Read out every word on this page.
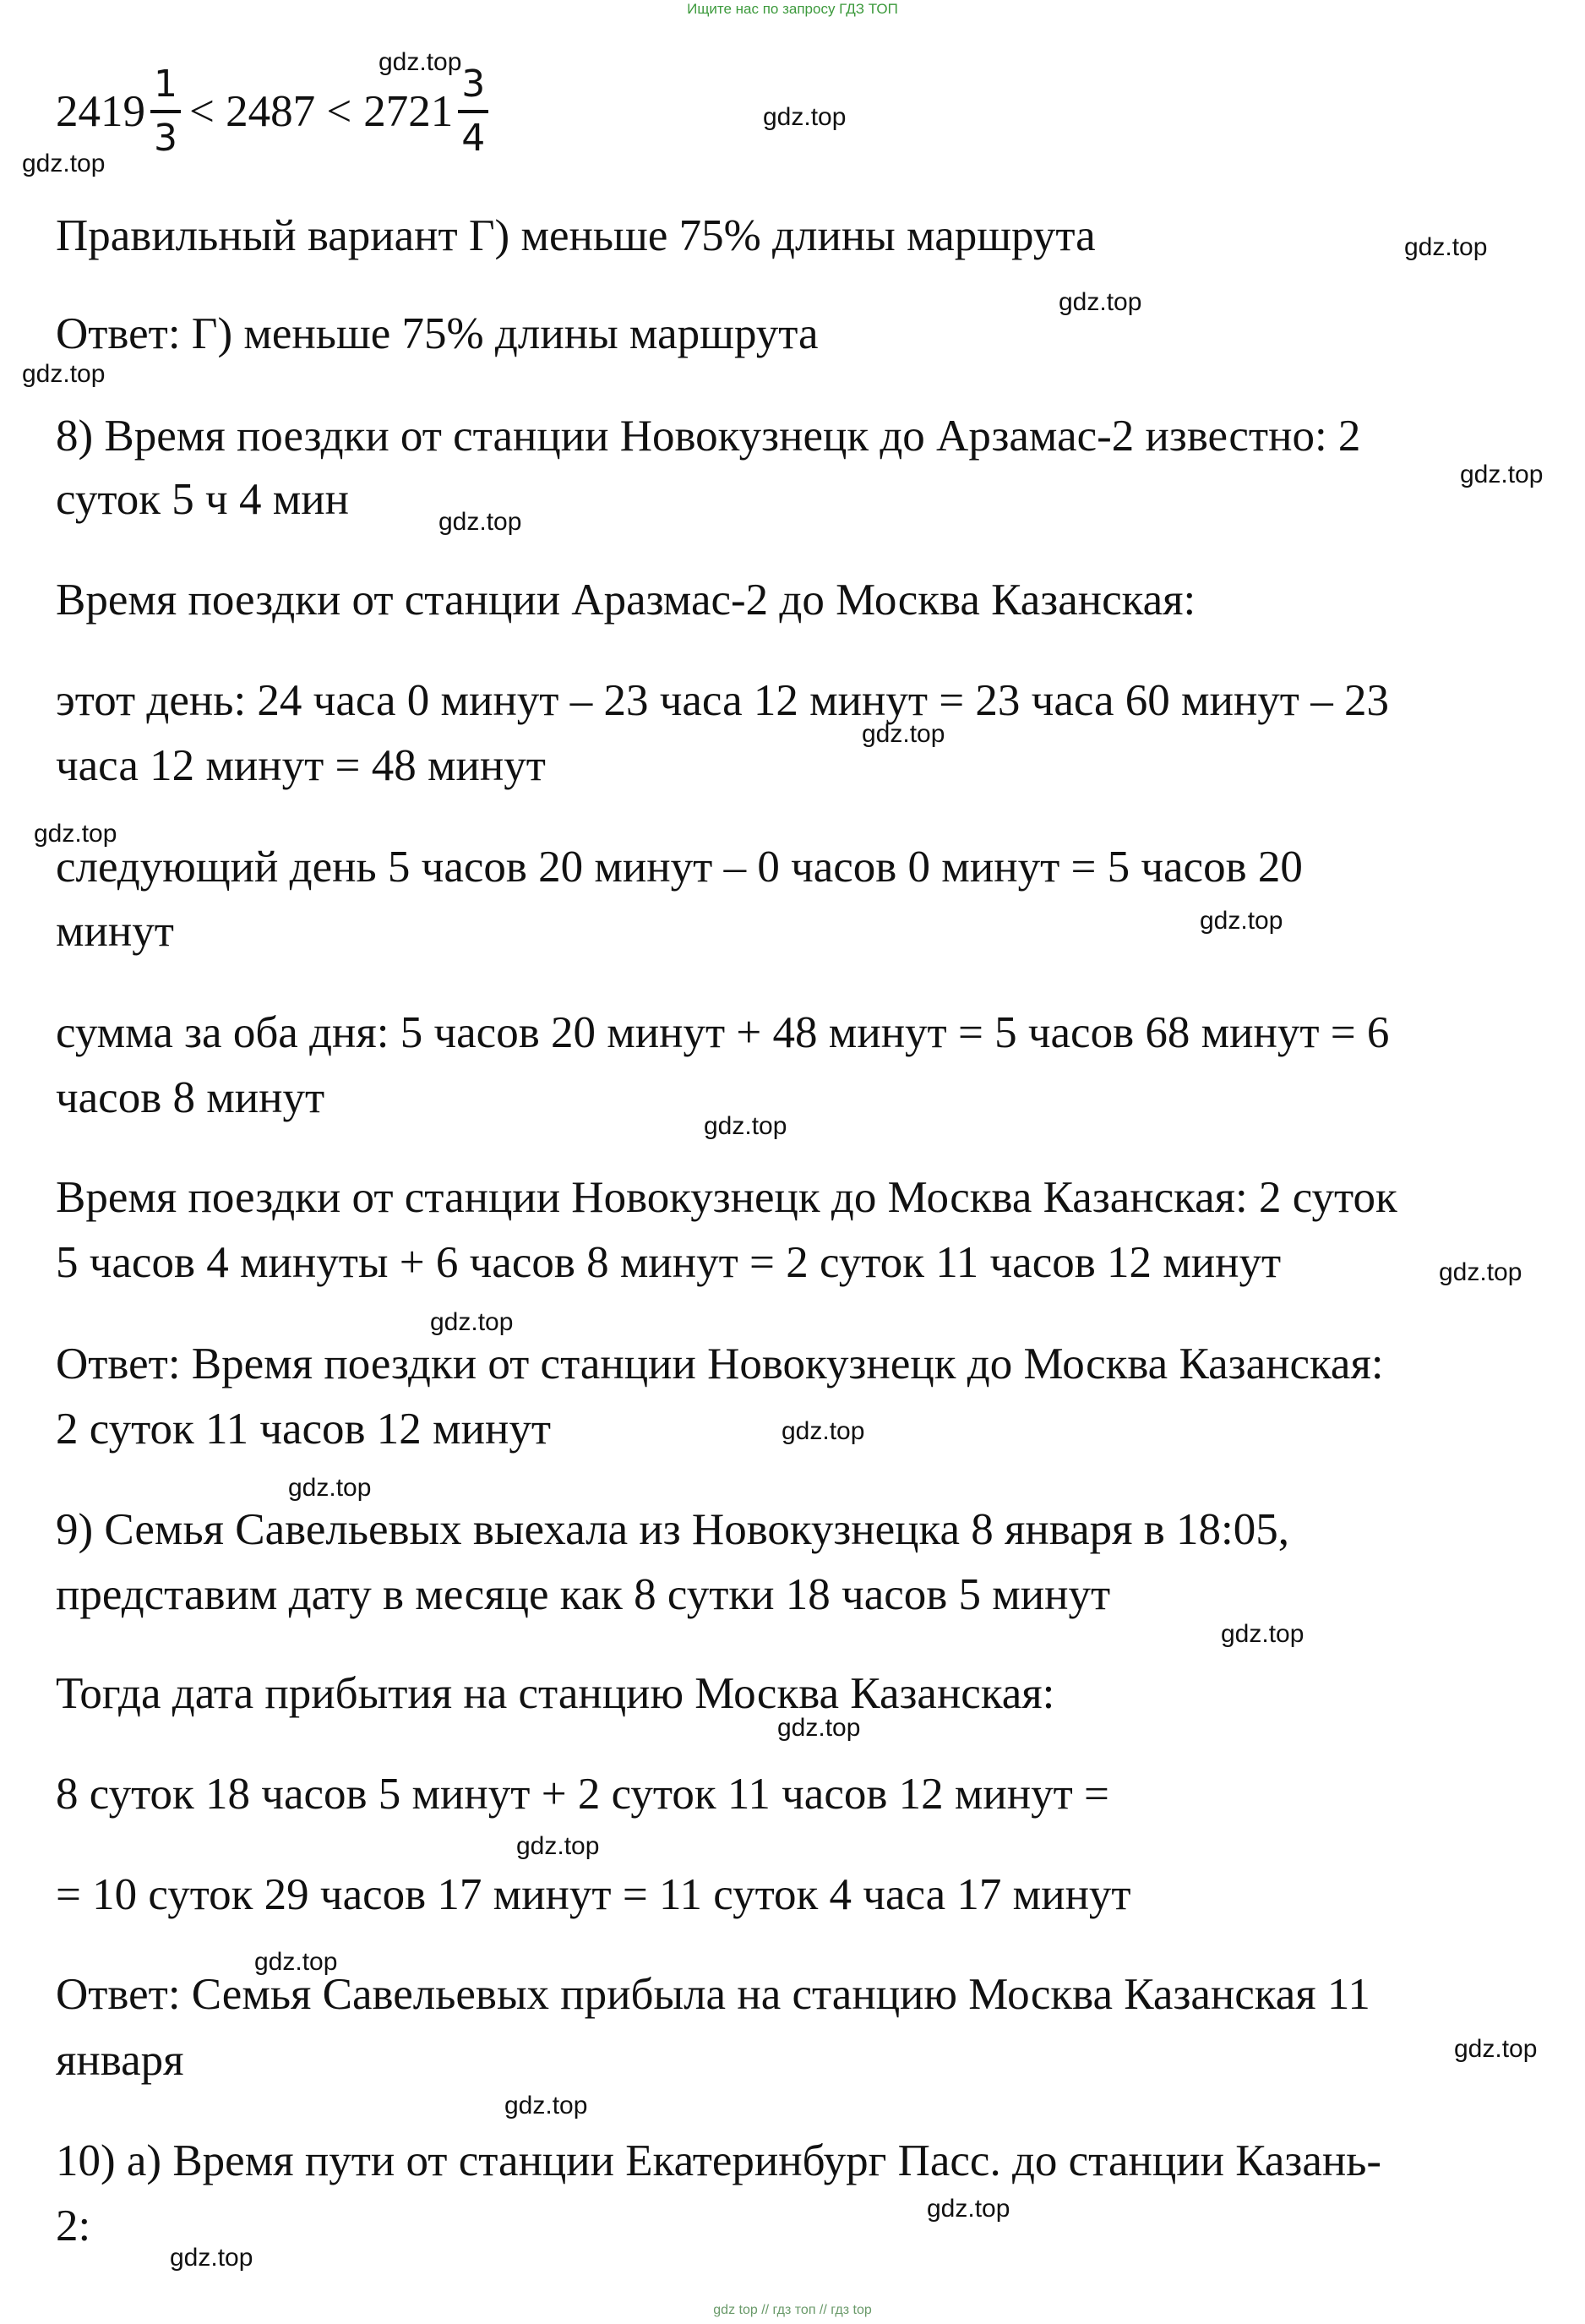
Ищите нас по запросу ГДЗ ТОП
$2419 \frac{1}{3} < 2487 < 2721 \frac{3}{4}$
Правильный вариант Г) меньше 75% длины маршрута
Ответ: Г) меньше 75% длины маршрута
8) Время поездки от станции Новокузнецк до Арзамас-2 известно: 2
суток 5 ч 4 мин
Время поездки от станции Аразмас-2 до Москва Казанская:
этот день: 24 часа 0 минут – 23 часа 12 минут = 23 часа 60 минут – 23
часа 12 минут = 48 минут
следующий день 5 часов 20 минут – 0 часов 0 минут = 5 часов 20
минут
сумма за оба дня: 5 часов 20 минут + 48 минут = 5 часов 68 минут = 6
часов 8 минут
Время поездки от станции Новокузнецк до Москва Казанская: 2 суток
5 часов 4 минуты + 6 часов 8 минут = 2 суток 11 часов 12 минут
Ответ: Время поездки от станции Новокузнецк до Москва Казанская:
2 суток 11 часов 12 минут
9) Семья Савельевых выехала из Новокузнецка 8 января в 18:05,
представим дату в месяце как 8 сутки 18 часов 5 минут
Тогда дата прибытия на станцию Москва Казанская:
8 суток 18 часов 5 минут + 2 суток 11 часов 12 минут =
= 10 суток 29 часов 17 минут = 11 суток 4 часа 17 минут
Ответ: Семья Савельевых прибыла на станцию Москва Казанская 11
января
10) а) Время пути от станции Екатеринбург Пасс. до станции Казань-
2:
gdz.top
gdz.top
gdz.top
gdz.top
gdz.top
gdz.top
gdz.top
gdz.top
gdz.top
gdz.top
gdz.top
gdz.top
gdz.top
gdz.top
gdz.top
gdz.top
gdz.top
gdz.top
gdz.top
gdz.top
gdz.top
gdz.top
gdz.top
gdz.top
gdz top // гдз топ // гдз top
